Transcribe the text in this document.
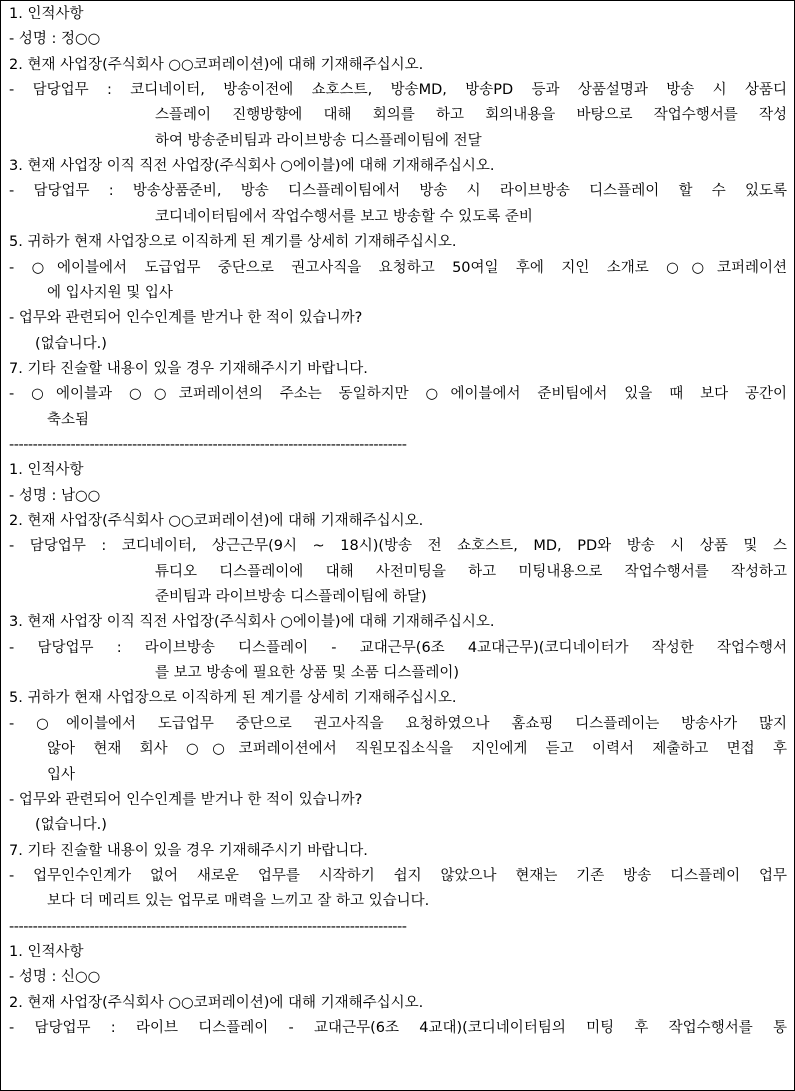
1. 인적사항
- 성명 : 정○○
2. 현재 사업장(주식회사 ○○코퍼레이션)에 대해 기재해주십시오.
- 담당업무 : 코디네이터, 방송이전에 쇼호스트, 방송MD, 방송PD 등과 상품설명과 방송 시 상품디
스플레이 진행방향에 대해 회의를 하고 회의내용을 바탕으로 작업수행서를 작성
하여 방송준비팀과 라이브방송 디스플레이팀에 전달
3. 현재 사업장 이직 직전 사업장(주식회사 ○에이블)에 대해 기재해주십시오.
- 담당업무 : 방송상품준비, 방송 디스플레이팀에서 방송 시 라이브방송 디스플레이 할 수 있도록
코디네이터팀에서 작업수행서를 보고 방송할 수 있도록 준비
5. 귀하가 현재 사업장으로 이직하게 된 계기를 상세히 기재해주십시오.
- ○에이블에서 도급업무 중단으로 권고사직을 요청하고 50여일 후에 지인 소개로 ○○코퍼레이션
에 입사지원 및 입사
- 업무와 관련되어 인수인계를 받거나 한 적이 있습니까?
(없습니다.)
7. 기타 진술할 내용이 있을 경우 기재해주시기 바랍니다.
- ○에이블과 ○○코퍼레이션의 주소는 동일하지만 ○에이블에서 준비팀에서 있을 때 보다 공간이
축소됨
------------------------------------------------------------------------------------
1. 인적사항
- 성명 : 남○○
2. 현재 사업장(주식회사 ○○코퍼레이션)에 대해 기재해주십시오.
- 담당업무 : 코디네이터, 상근근무(9시 ~ 18시)(방송 전 쇼호스트, MD, PD와 방송 시 상품 및 스
튜디오 디스플레이에 대해 사전미팅을 하고 미팅내용으로 작업수행서를 작성하고
준비팀과 라이브방송 디스플레이팀에 하달)
3. 현재 사업장 이직 직전 사업장(주식회사 ○에이블)에 대해 기재해주십시오.
- 담당업무 : 라이브방송 디스플레이 - 교대근무(6조 4교대근무)(코디네이터가 작성한 작업수행서
를 보고 방송에 필요한 상품 및 소품 디스플레이)
5. 귀하가 현재 사업장으로 이직하게 된 계기를 상세히 기재해주십시오.
- ○에이블에서 도급업무 중단으로 권고사직을 요청하였으나 홈쇼핑 디스플레이는 방송사가 많지
않아 현재 회사 ○○코퍼레이션에서 직원모집소식을 지인에게 듣고 이력서 제출하고 면접 후
입사
- 업무와 관련되어 인수인계를 받거나 한 적이 있습니까?
(없습니다.)
7. 기타 진술할 내용이 있을 경우 기재해주시기 바랍니다.
- 업무인수인계가 없어 새로운 업무를 시작하기 쉽지 않았으나 현재는 기존 방송 디스플레이 업무
보다 더 메리트 있는 업무로 매력을 느끼고 잘 하고 있습니다.
------------------------------------------------------------------------------------
1. 인적사항
- 성명 : 신○○
2. 현재 사업장(주식회사 ○○코퍼레이션)에 대해 기재해주십시오.
- 담당업무 : 라이브 디스플레이 - 교대근무(6조 4교대)(코디네이터팀의 미팅 후 작업수행서를 통
